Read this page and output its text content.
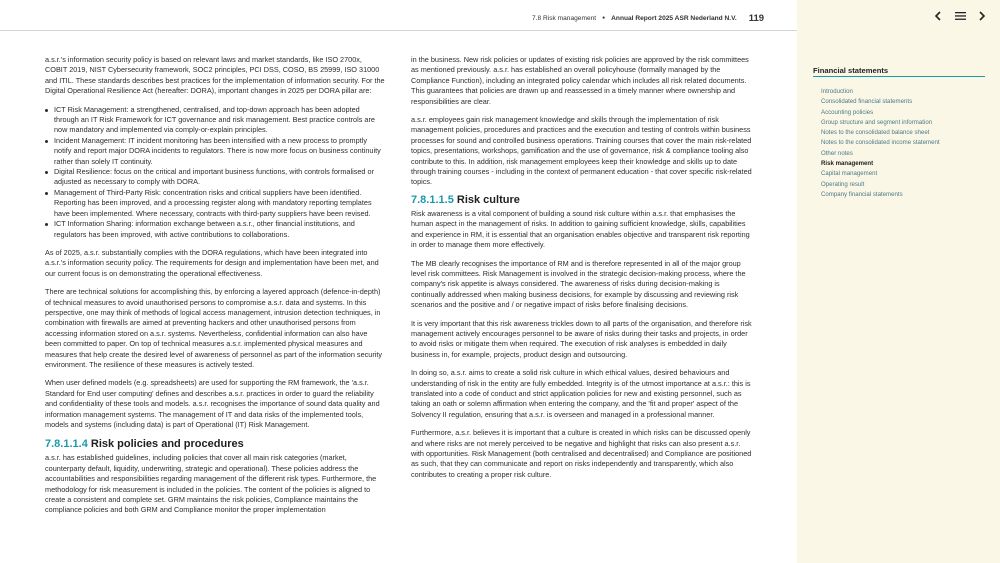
7.8 Risk management ● Annual Report 2025 ASR Nederland N.V. 119

a.s.r.'s information security policy is based on relevant laws and market standards, like ISO 2700x, COBIT 2019, NIST Cybersecurity framework, SOC2 principles, PCI DSS, COSO, BS 25999, ISO 31000 and ITIL. These standards describes best practices for the implementation of information security. For the Digital Operational Resilience Act (hereafter: DORA), important changes in 2025 per DORA pillar are:

ICT Risk Management: a strengthened, centralised, and top-down approach has been adopted through an IT Risk Framework for ICT governance and risk management. Best practice controls are now mandatory and implemented via comply-or-explain principles.
Incident Management: IT incident monitoring has been intensified with a new process to promptly notify and report major DORA incidents to regulators. There is now more focus on business continuity rather than solely IT continuity.
Digital Resilience: focus on the critical and important business functions, with controls formalised or adjusted as necessary to comply with DORA.
Management of Third-Party Risk: concentration risks and critical suppliers have been identified. Reporting has been improved, and a processing register along with mandatory reporting templates have been implemented. Where necessary, contracts with third-party suppliers have been revised.
ICT Information Sharing: information exchange between a.s.r., other financial institutions, and regulators has been improved, with active contributions to collaborations.

As of 2025, a.s.r. substantially complies with the DORA regulations, which have been integrated into a.s.r.'s information security policy. The requirements for design and implementation have been met, and our current focus is on demonstrating the operational effectiveness.

There are technical solutions for accomplishing this, by enforcing a layered approach (defence-in-depth) of technical measures to avoid unauthorised persons to compromise a.s.r. data and systems. In this perspective, one may think of methods of logical access management, intrusion detection techniques, in combination with firewalls are aimed at preventing hackers and other unauthorised persons from accessing information stored on a.s.r. systems. Nevertheless, confidential information can also have been committed to paper. On top of technical measures a.s.r. implemented physical measures and measures that help create the desired level of awareness of personnel as part of the information security environment. The resilience of these measures is actively tested.

When user defined models (e.g. spreadsheets) are used for supporting the RM framework, the 'a.s.r. Standard for End user computing' defines and describes a.s.r. practices in order to guard the reliability and confidentiality of these tools and models. a.s.r. recognises the importance of sound data quality and information management systems. The management of IT and data risks of the implemented tools, models and systems (including data) is part of Operational (IT) Risk Management.

7.8.1.1.4 Risk policies and procedures

a.s.r. has established guidelines, including policies that cover all main risk categories (market, counterparty default, liquidity, underwriting, strategic and operational). These policies address the accountabilities and responsibilities regarding management of the different risk types. Furthermore, the methodology for risk measurement is included in the policies. The content of the policies is aligned to create a consistent and complete set. GRM maintains the risk policies, Compliance maintains the compliance policies and both GRM and Compliance monitor the proper implementation

in the business. New risk policies or updates of existing risk policies are approved by the risk committees as mentioned previously. a.s.r. has established an overall policyhouse (formally managed by the Compliance Function), including an integrated policy calendar which includes all risk related documents. This guarantees that policies are drawn up and reassessed in a timely manner where ownership and responsibilities are clear.

a.s.r. employees gain risk management knowledge and skills through the implementation of risk management policies, procedures and practices and the execution and testing of controls within business processes for sound and controlled business operations. Training courses that cover the main risk-related topics, presentations, workshops, gamification and the use of governance, risk & compliance tooling also contribute to this. In addition, risk management employees keep their knowledge and skills up to date through training courses - including in the context of permanent education - that cover specific risk-related topics.

7.8.1.1.5 Risk culture

Risk awareness is a vital component of building a sound risk culture within a.s.r. that emphasises the human aspect in the management of risks. In addition to gaining sufficient knowledge, skills, capabilities and experience in RM, it is essential that an organisation enables objective and transparent risk reporting in order to manage them more effectively.

The MB clearly recognises the importance of RM and is therefore represented in all of the major group level risk committees. Risk Management is involved in the strategic decision-making process, where the company's risk appetite is always considered. The awareness of risks during decision-making is continually addressed when making business decisions, for example by discussing and reviewing risk scenarios and the positive and / or negative impact of risks before finalising decisions.

It is very important that this risk awareness trickles down to all parts of the organisation, and therefore risk management actively encourages personnel to be aware of risks during their tasks and projects, in order to avoid risks or mitigate them when required. The execution of risk analyses is embedded in daily business in, for example, projects, product design and outsourcing.

In doing so, a.s.r. aims to create a solid risk culture in which ethical values, desired behaviours and understanding of risk in the entity are fully embedded. Integrity is of the utmost importance at a.s.r.: this is translated into a code of conduct and strict application policies for new and existing personnel, such as taking an oath or solemn affirmation when entering the company, and the 'fit and proper' aspect of the Solvency II regulation, ensuring that a.s.r. is overseen and managed in a professional manner.

Furthermore, a.s.r. believes it is important that a culture is created in which risks can be discussed openly and where risks are not merely perceived to be negative and highlight that risks can also present a.s.r. with opportunities. Risk Management (both centralised and decentralised) and Compliance are positioned as such, that they can communicate and report on risks independently and transparently, which also contributes to creating a proper risk culture.

Financial statements
Introduction
Consolidated financial statements
Accounting policies
Group structure and segment information
Notes to the consolidated balance sheet
Notes to the consolidated income statement
Other notes
Risk management
Capital management
Operating result
Company financial statements
